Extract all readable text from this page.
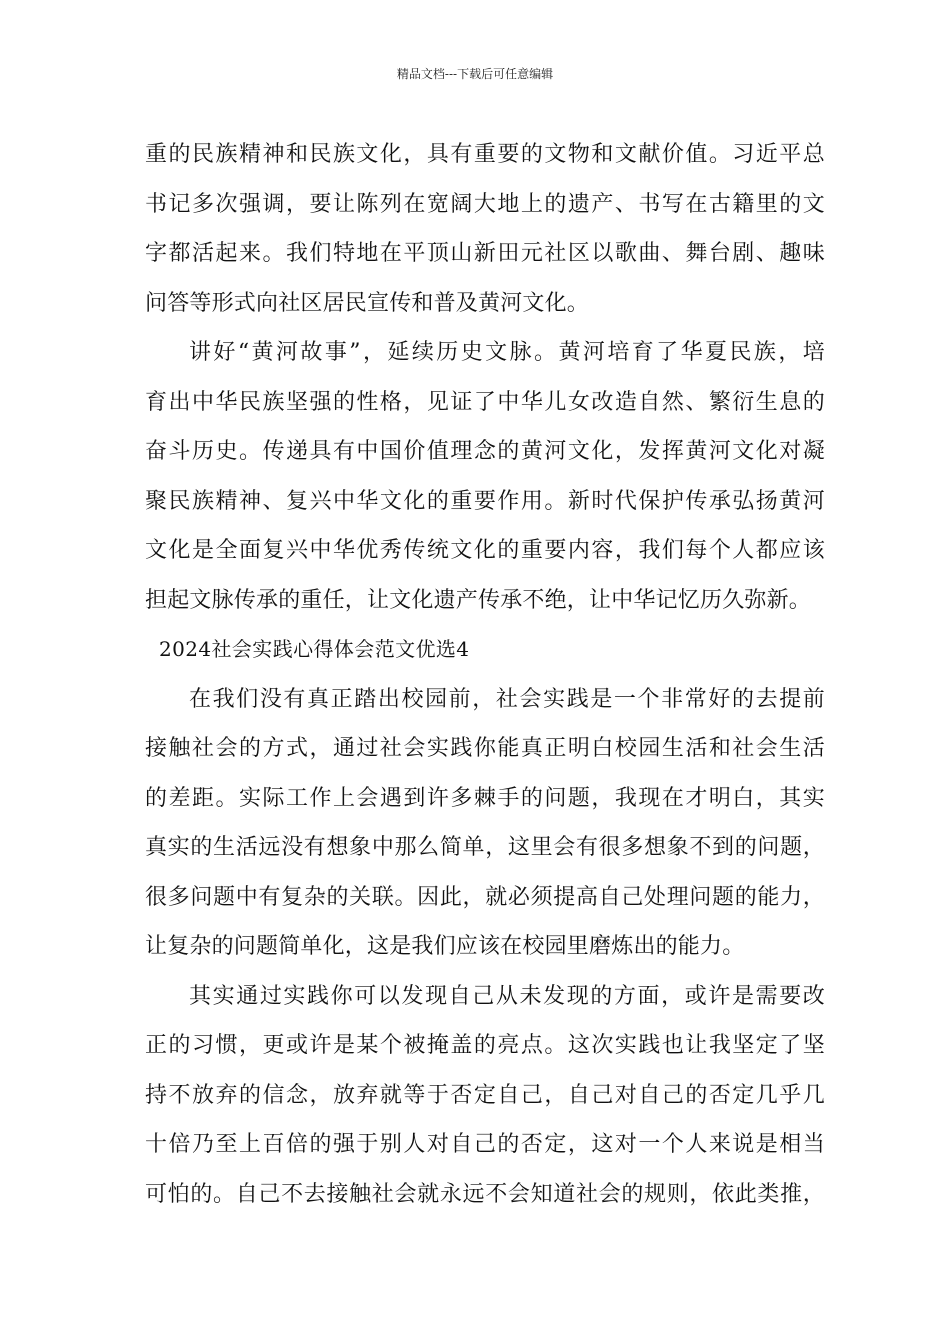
精品文档---下载后可任意编辑
重的民族精神和民族文化，具有重要的文物和文献价值。习近平总
书记多次强调，要让陈列在宽阔大地上的遗产、书写在古籍里的文
字都活起来。我们特地在平顶山新田元社区以歌曲、舞台剧、趣味
问答等形式向社区居民宣传和普及黄河文化。
讲好“黄河故事”，延续历史文脉。黄河培育了华夏民族，培
育出中华民族坚强的性格，见证了中华儿女改造自然、繁衍生息的
奋斗历史。传递具有中国价值理念的黄河文化，发挥黄河文化对凝
聚民族精神、复兴中华文化的重要作用。新时代保护传承弘扬黄河
文化是全面复兴中华优秀传统文化的重要内容，我们每个人都应该
担起文脉传承的重任，让文化遗产传承不绝，让中华记忆历久弥新。
2024社会实践心得体会范文优选4
在我们没有真正踏出校园前，社会实践是一个非常好的去提前
接触社会的方式，通过社会实践你能真正明白校园生活和社会生活
的差距。实际工作上会遇到许多棘手的问题，我现在才明白，其实
真实的生活远没有想象中那么简单，这里会有很多想象不到的问题，
很多问题中有复杂的关联。因此，就必须提高自己处理问题的能力，
让复杂的问题简单化，这是我们应该在校园里磨炼出的能力。
其实通过实践你可以发现自己从未发现的方面，或许是需要改
正的习惯，更或许是某个被掩盖的亮点。这次实践也让我坚定了坚
持不放弃的信念，放弃就等于否定自己，自己对自己的否定几乎几
十倍乃至上百倍的强于别人对自己的否定，这对一个人来说是相当
可怕的。自己不去接触社会就永远不会知道社会的规则，依此类推，
